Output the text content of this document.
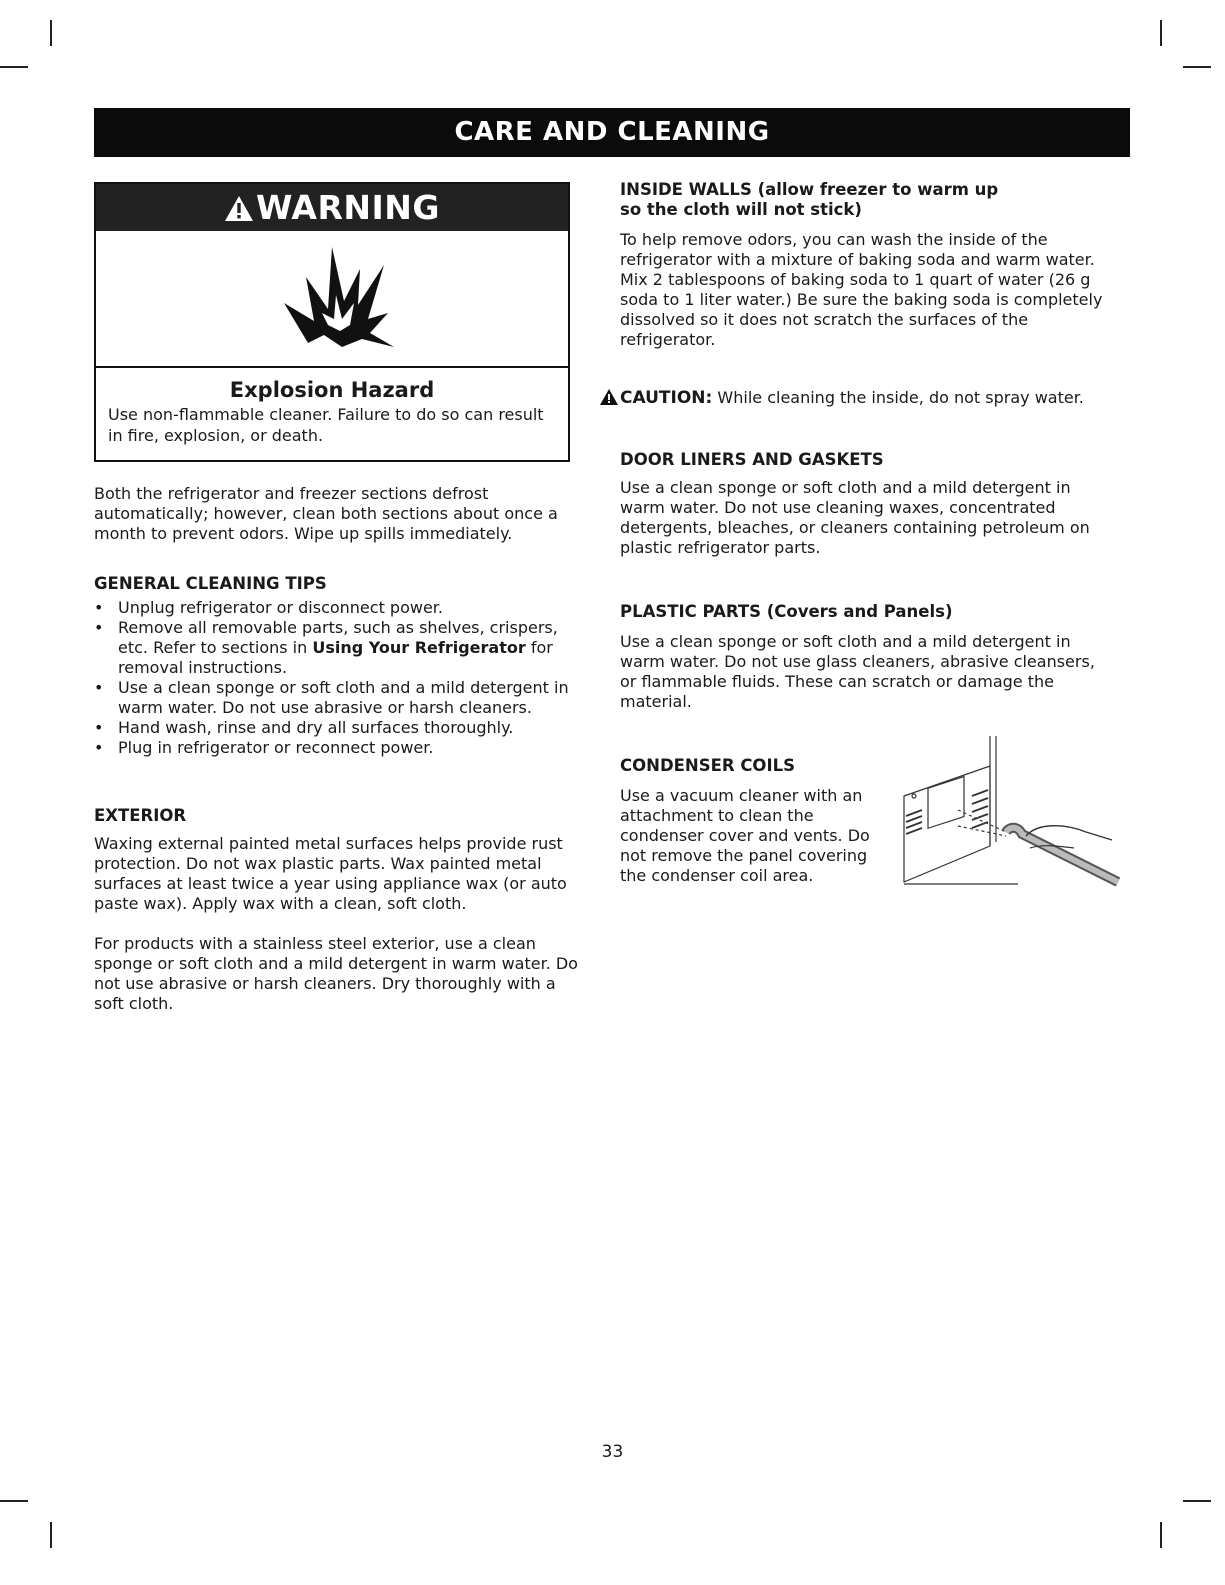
CARE AND CLEANING
WARNING
Explosion Hazard
Use non-flammable cleaner. Failure to do so can result in fire, explosion, or death.

Both the refrigerator and freezer sections defrost automatically; however, clean both sections about once a month to prevent odors. Wipe up spills immediately.

GENERAL CLEANING TIPS

• Unplug refrigerator or disconnect power.
• Remove all removable parts, such as shelves, crispers, etc. Refer to sections in Using Your Refrigerator for removal instructions.
• Use a clean sponge or soft cloth and a mild detergent in warm water. Do not use abrasive or harsh cleaners.
• Hand wash, rinse and dry all surfaces thoroughly.
• Plug in refrigerator or reconnect power.

EXTERIOR

Waxing external painted metal surfaces helps provide rust protection. Do not wax plastic parts. Wax painted metal surfaces at least twice a year using appliance wax (or auto paste wax). Apply wax with a clean, soft cloth.

For products with a stainless steel exterior, use a clean sponge or soft cloth and a mild detergent in warm water. Do not use abrasive or harsh cleaners. Dry thoroughly with a soft cloth.

INSIDE WALLS (allow freezer to warm up so the cloth will not stick)

To help remove odors, you can wash the inside of the refrigerator with a mixture of baking soda and warm water. Mix 2 tablespoons of baking soda to 1 quart of water (26 g soda to 1 liter water.) Be sure the baking soda is completely dissolved so it does not scratch the surfaces of the refrigerator.

CAUTION: While cleaning the inside, do not spray water.

DOOR LINERS AND GASKETS

Use a clean sponge or soft cloth and a mild detergent in warm water. Do not use cleaning waxes, concentrated detergents, bleaches, or cleaners containing petroleum on plastic refrigerator parts.

PLASTIC PARTS (Covers and Panels)

Use a clean sponge or soft cloth and a mild detergent in warm water. Do not use glass cleaners, abrasive cleansers, or flammable fluids. These can scratch or damage the material.

CONDENSER COILS

Use a vacuum cleaner with an attachment to clean the condenser cover and vents. Do not remove the panel covering the condenser coil area.

33
